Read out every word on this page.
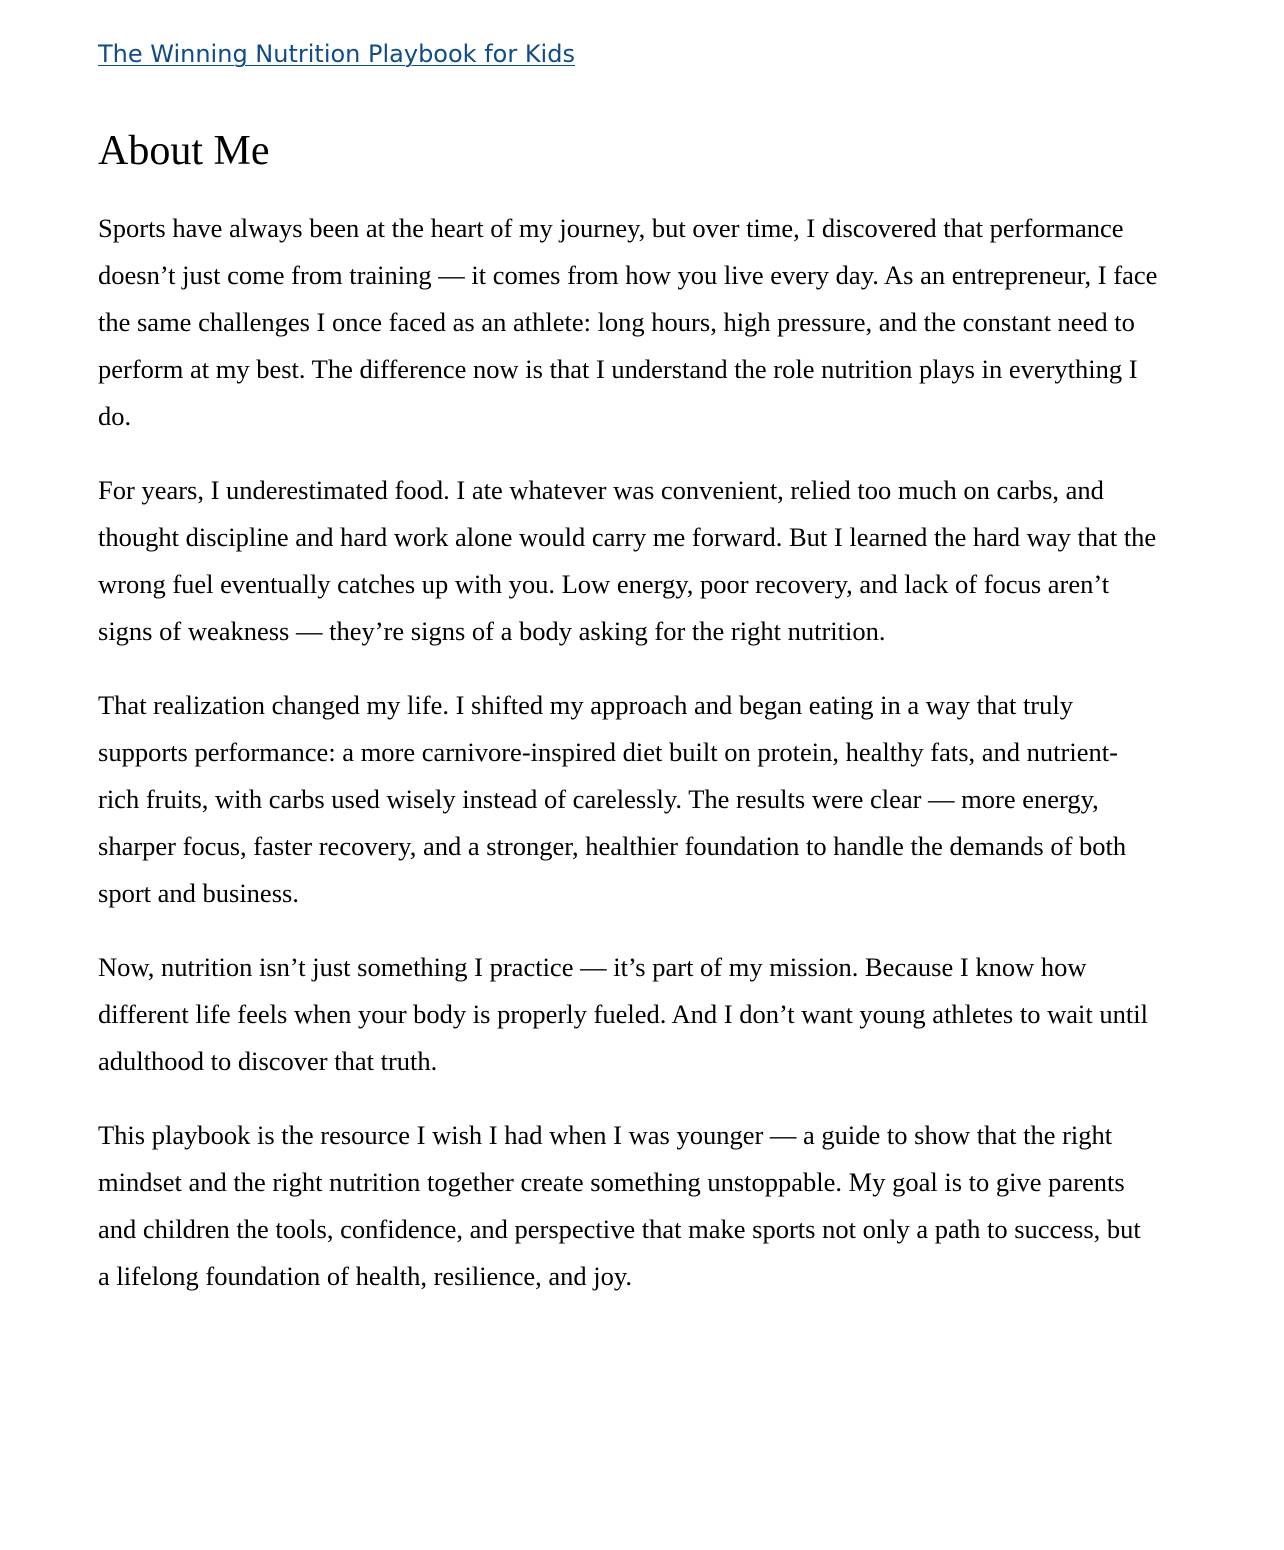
The Winning Nutrition Playbook for Kids
About Me

Sports have always been at the heart of my journey, but over time, I discovered that performance doesn’t just come from training — it comes from how you live every day. As an entrepreneur, I face the same challenges I once faced as an athlete: long hours, high pressure, and the constant need to perform at my best. The difference now is that I understand the role nutrition plays in everything I do.

For years, I underestimated food. I ate whatever was convenient, relied too much on carbs, and thought discipline and hard work alone would carry me forward. But I learned the hard way that the wrong fuel eventually catches up with you. Low energy, poor recovery, and lack of focus aren’t signs of weakness — they’re signs of a body asking for the right nutrition.

That realization changed my life. I shifted my approach and began eating in a way that truly supports performance: a more carnivore-inspired diet built on protein, healthy fats, and nutrient-rich fruits, with carbs used wisely instead of carelessly. The results were clear — more energy, sharper focus, faster recovery, and a stronger, healthier foundation to handle the demands of both sport and business.

Now, nutrition isn’t just something I practice — it’s part of my mission. Because I know how different life feels when your body is properly fueled. And I don’t want young athletes to wait until adulthood to discover that truth.

This playbook is the resource I wish I had when I was younger — a guide to show that the right mindset and the right nutrition together create something unstoppable. My goal is to give parents and children the tools, confidence, and perspective that make sports not only a path to success, but a lifelong foundation of health, resilience, and joy.
